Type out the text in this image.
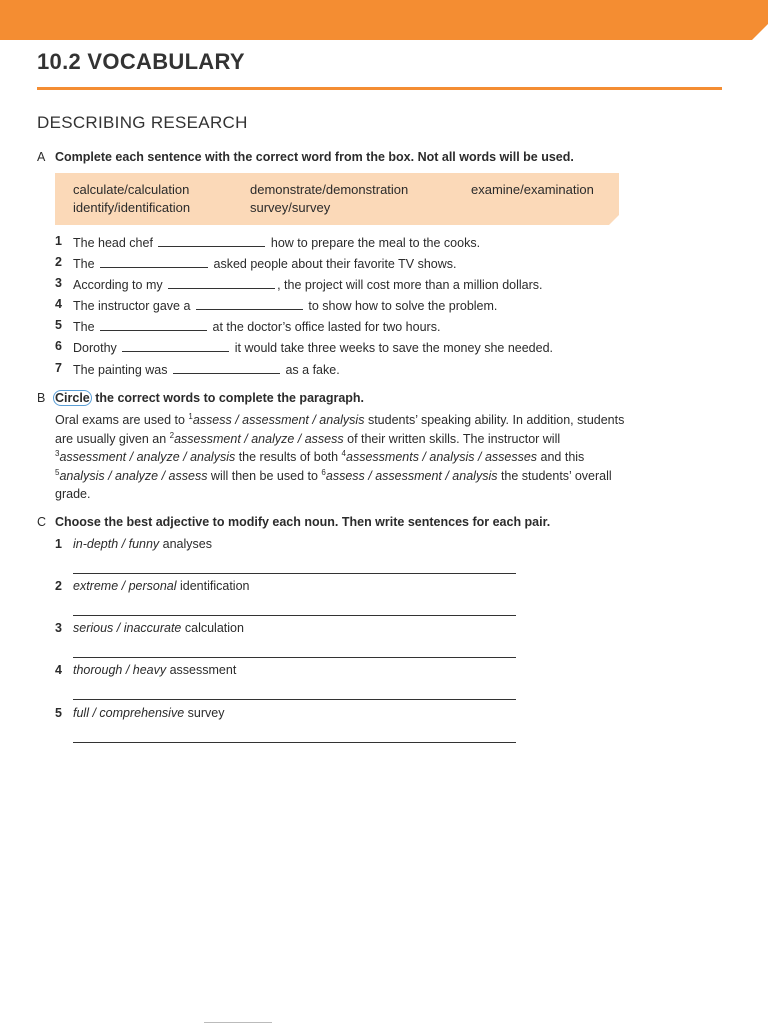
10.2 VOCABULARY
DESCRIBING RESEARCH
A Complete each sentence with the correct word from the box. Not all words will be used.
calculate/calculation	demonstrate/demonstration	examine/examination
identify/identification	survey/survey
1 The head chef	how to prepare the meal to the cooks.
2 The	asked people about their favorite TV shows.
3 According to my	, the project will cost more than a million dollars.
4 The instructor gave a	to show how to solve the problem.
5 The	at the doctor’s office lasted for two hours.
6 Dorothy	it would take three weeks to save the money she needed.
7 The painting was	as a fake.
B Circle the correct words to complete the paragraph.

Oral exams are used to $^1$assess / assessment / analysis students’ speaking ability. In addition, students are usually given an $^2$assessment / analyze / assess of their written skills. The instructor will $^3$assessment / analyze / analysis the results of both $^4$assessments / analysis / assesses and this $^5$analysis / analyze / assess will then be used to $^6$assess / assessment / analysis the students’ overall grade.

C Choose the best adjective to modify each noun. Then write sentences for each pair.
1 in-depth / funny analyses
2 extreme / personal identification
3 serious / inaccurate calculation
4 thorough / heavy assessment
5 full / comprehensive survey
